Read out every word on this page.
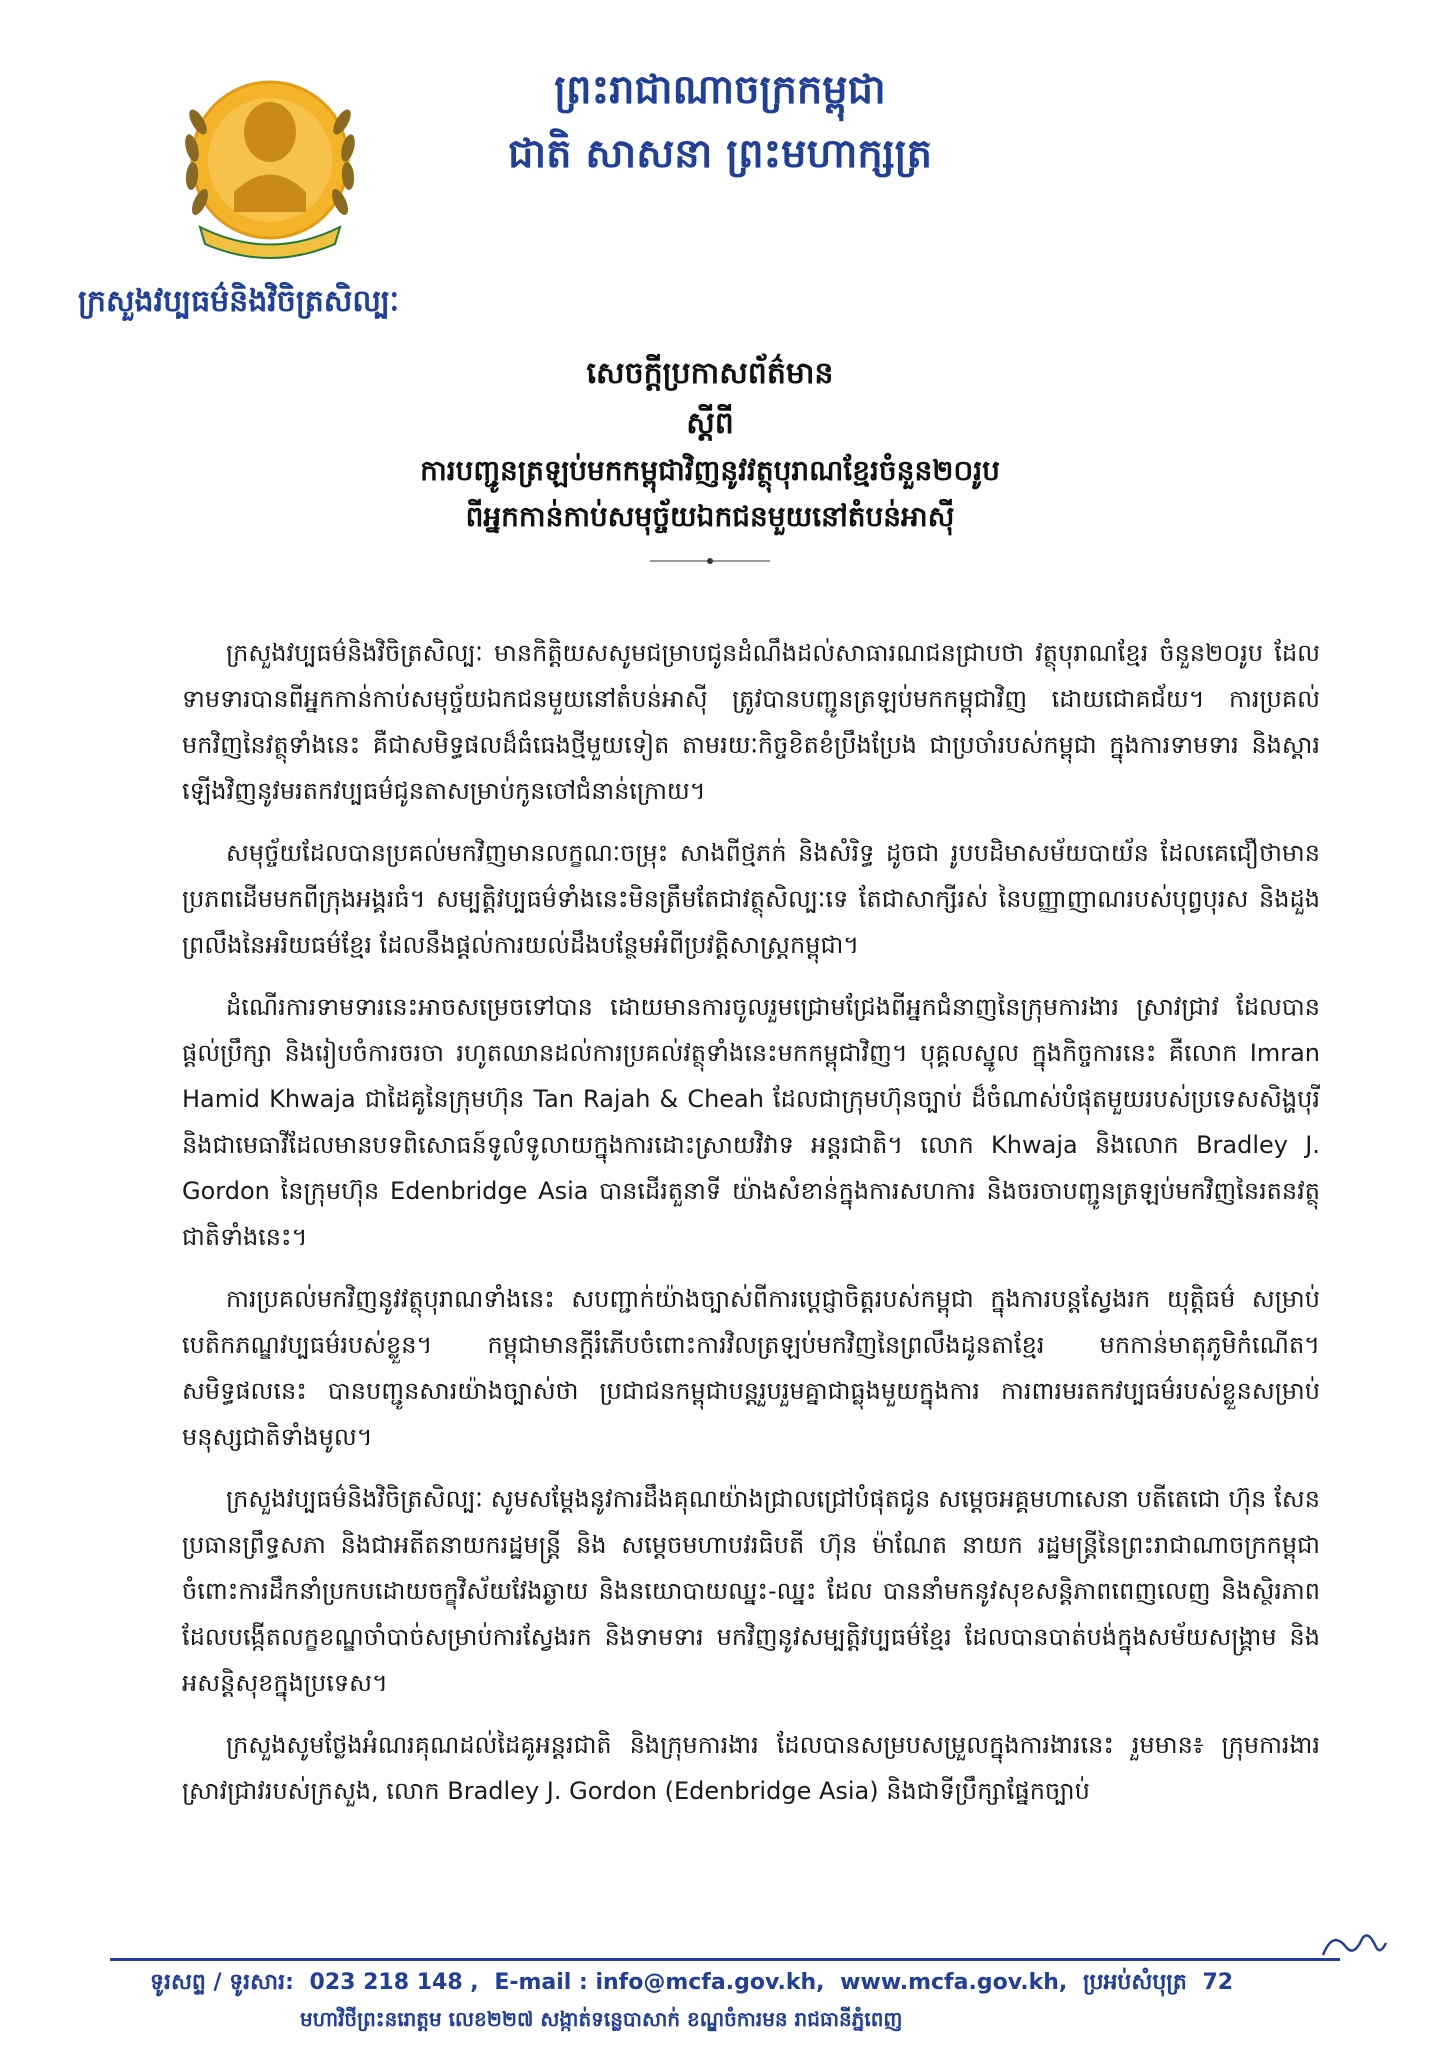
ព្រះរាជាណាចក្រកម្ពុជា
ជាតិ សាសនា ព្រះមហាក្សត្រ
ក្រសួងវប្បធម៌និងវិចិត្រសិល្បៈ
សេចក្តីប្រកាសព័ត៌មាន
ស្តីពី
ការបញ្ជូនត្រឡប់មកកម្ពុជាវិញនូវវត្ថុបុរាណខ្មែរចំនួន២០រូប
ពីអ្នកកាន់កាប់សមុច្ច័យឯកជនមួយនៅតំបន់អាស៊ី

ក្រសួងវប្បធម៌និងវិចិត្រសិល្បៈ មានកិត្តិយសសូមជម្រាបជូនដំណឹងដល់សាធារណជនជ្រាបថា វត្ថុបុរាណខ្មែរ ចំនួន២០រូប ដែលទាមទារបានពីអ្នកកាន់កាប់សមុច្ច័យឯកជនមួយនៅតំបន់អាស៊ី ត្រូវបានបញ្ជូនត្រឡប់មកកម្ពុជាវិញ ដោយជោគជ័យ។ ការប្រគល់មកវិញនៃវត្ថុទាំងនេះ គឺជាសមិទ្ធផលដ៏ធំធេងថ្មីមួយទៀត តាមរយៈកិច្ចខិតខំប្រឹងប្រែង ជាប្រចាំរបស់កម្ពុជា ក្នុងការទាមទារ និងស្តារឡើងវិញនូវមរតកវប្បធម៌ជូនតាសម្រាប់កូនចៅជំនាន់ក្រោយ។

សមុច្ច័យដែលបានប្រគល់មកវិញមានលក្ខណៈចម្រុះ សាងពីថ្មភក់ និងសំរិទ្ធ ដូចជា រូបបដិមាសម័យបាយ័ន ដែលគេជឿថាមានប្រភពដើមមកពីក្រុងអង្គរធំ។ សម្បត្តិវប្បធម៌ទាំងនេះមិនត្រឹមតែជាវត្ថុសិល្បៈទេ តែជាសាក្សីរស់ នៃបញ្ញាញាណរបស់បុព្វបុរស និងដួងព្រលឹងនៃអរិយធម៌ខ្មែរ ដែលនឹងផ្តល់ការយល់ដឹងបន្ថែមអំពីប្រវត្តិសាស្ត្រកម្ពុជា។

ដំណើរការទាមទារនេះអាចសម្រេចទៅបាន ដោយមានការចូលរួមជ្រោមជ្រែងពីអ្នកជំនាញនៃក្រុមការងារ ស្រាវជ្រាវ ដែលបានផ្តល់ប្រឹក្សា និងរៀបចំការចរចា រហូតឈានដល់ការប្រគល់វត្ថុទាំងនេះមកកម្ពុជាវិញ។ បុគ្គលស្នូល ក្នុងកិច្ចការនេះ គឺលោក Imran Hamid Khwaja ជាដៃគូនៃក្រុមហ៊ុន Tan Rajah & Cheah ដែលជាក្រុមហ៊ុនច្បាប់ ដ៏ចំណាស់បំផុតមួយរបស់ប្រទេសសិង្ហបុរី និងជាមេធាវីដែលមានបទពិសោធន៍ទូលំទូលាយក្នុងការដោះស្រាយវិវាទ អន្តរជាតិ។ លោក Khwaja និងលោក Bradley J. Gordon នៃក្រុមហ៊ុន Edenbridge Asia បានដើរតួនាទី យ៉ាងសំខាន់ក្នុងការសហការ និងចរចាបញ្ជូនត្រឡប់មកវិញនៃរតនវត្ថុជាតិទាំងនេះ។

ការប្រគល់មកវិញនូវវត្ថុបុរាណទាំងនេះ សបញ្ជាក់យ៉ាងច្បាស់ពីការប្តេជ្ញាចិត្តរបស់កម្ពុជា ក្នុងការបន្តស្វែងរក យុត្តិធម៌ សម្រាប់បេតិកភណ្ឌវប្បធម៌របស់ខ្លួន។ កម្ពុជាមានក្តីរំភើបចំពោះការវិលត្រឡប់មកវិញនៃព្រលឹងដូនតាខ្មែរ មកកាន់មាតុភូមិកំណើត។ សមិទ្ធផលនេះ បានបញ្ជូនសារយ៉ាងច្បាស់ថា ប្រជាជនកម្ពុជាបន្តរួបរួមគ្នាជាធ្លុងមួយក្នុងការ ការពារមរតកវប្បធម៌របស់ខ្លួនសម្រាប់មនុស្សជាតិទាំងមូល។

ក្រសួងវប្បធម៌និងវិចិត្រសិល្បៈ សូមសម្តែងនូវការដឹងគុណយ៉ាងជ្រាលជ្រៅបំផុតជូន សម្តេចអគ្គមហាសេនា បតីតេជោ ហ៊ុន សែន ប្រធានព្រឹទ្ធសភា និងជាអតីតនាយករដ្ឋមន្ត្រី និង សម្តេចមហាបវរធិបតី ហ៊ុន ម៉ាណែត នាយក រដ្ឋមន្ត្រីនៃព្រះរាជាណាចក្រកម្ពុជា ចំពោះការដឹកនាំប្រកបដោយចក្ខុវិស័យវែងឆ្ងាយ និងនយោបាយឈ្នះ-ឈ្នះ ដែល បាននាំមកនូវសុខសន្តិភាពពេញលេញ និងស្ថិរភាព ដែលបង្កើតលក្ខខណ្ឌចាំបាច់សម្រាប់ការស្វែងរក និងទាមទារ មកវិញនូវសម្បត្តិវប្បធម៌ខ្មែរ ដែលបានបាត់បង់ក្នុងសម័យសង្គ្រាម និងអសន្តិសុខក្នុងប្រទេស។

ក្រសួងសូមថ្លែងអំណរគុណដល់ដៃគូអន្តរជាតិ និងក្រុមការងារ ដែលបានសម្របសម្រួលក្នុងការងារនេះ រួមមាន៖ ក្រុមការងារស្រាវជ្រាវរបស់ក្រសួង, លោក Bradley J. Gordon (Edenbridge Asia) និងជាទីប្រឹក្សាផ្នែកច្បាប់

ទូរសព្ទ / ទូរសារ: 023 218 148 , E-mail : info@mcfa.gov.kh, www.mcfa.gov.kh, ប្រអប់សំបុត្រ 72
មហាវិថីព្រះនរោត្តម លេខ២២៧ សង្កាត់ទន្លេបាសាក់ ខណ្ឌចំការមន រាជធានីភ្នំពេញ
